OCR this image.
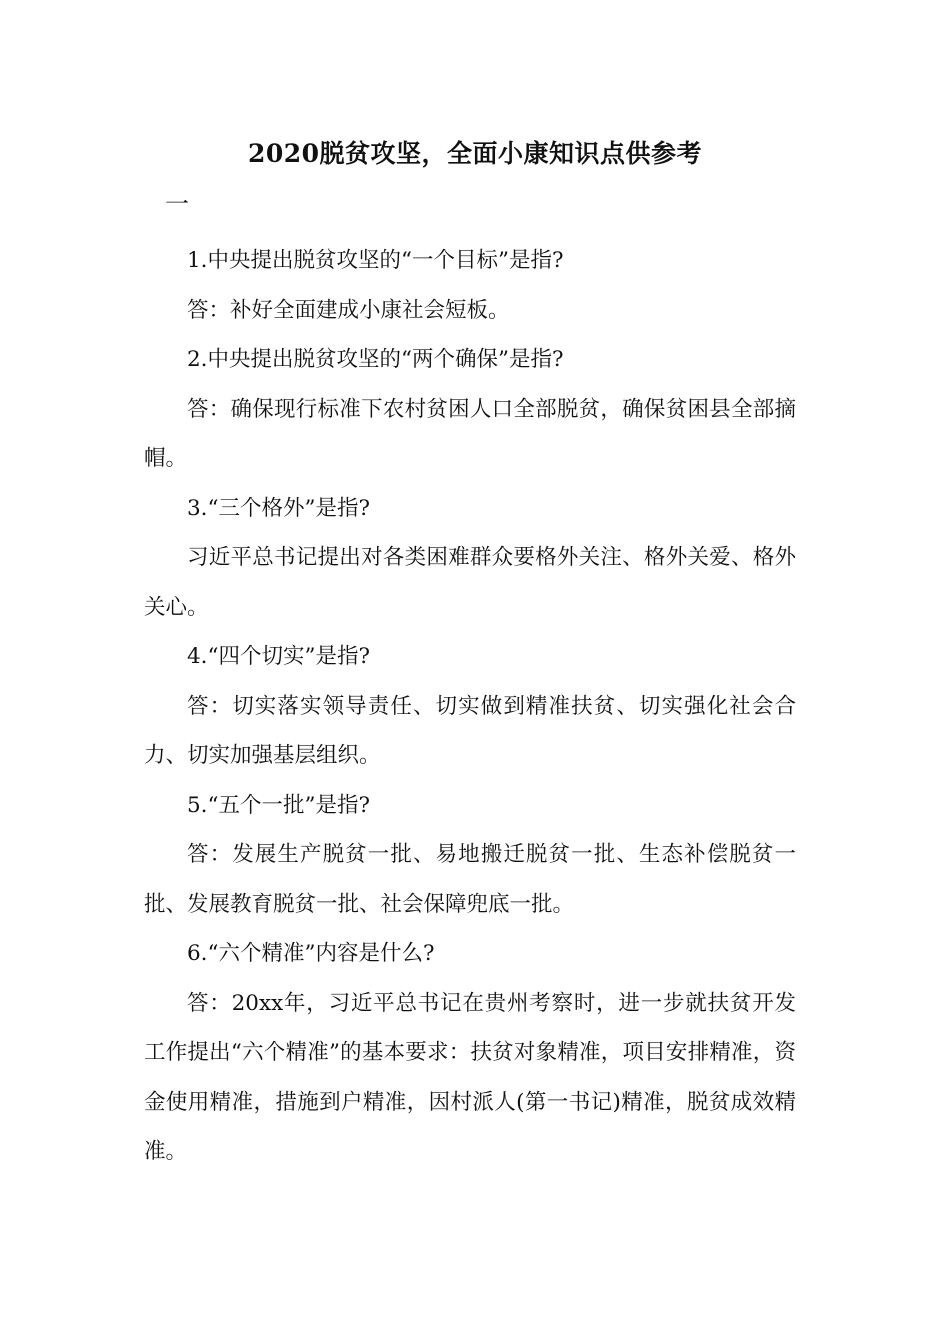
2020脱贫攻坚，全面小康知识点供参考
一

1.中央提出脱贫攻坚的“一个目标”是指?

答：补好全面建成小康社会短板。

2.中央提出脱贫攻坚的“两个确保”是指?

答：确保现行标准下农村贫困人口全部脱贫，确保贫困县全部摘帽。

3.“三个格外”是指?

习近平总书记提出对各类困难群众要格外关注、格外关爱、格外关心。

4.“四个切实”是指?

答：切实落实领导责任、切实做到精准扶贫、切实强化社会合力、切实加强基层组织。

5.“五个一批”是指?

答：发展生产脱贫一批、易地搬迁脱贫一批、生态补偿脱贫一批、发展教育脱贫一批、社会保障兜底一批。

6.“六个精准”内容是什么?

答：20xx年，习近平总书记在贵州考察时，进一步就扶贫开发工作提出“六个精准”的基本要求：扶贫对象精准，项目安排精准，资金使用精准，措施到户精准，因村派人(第一书记)精准，脱贫成效精准。
